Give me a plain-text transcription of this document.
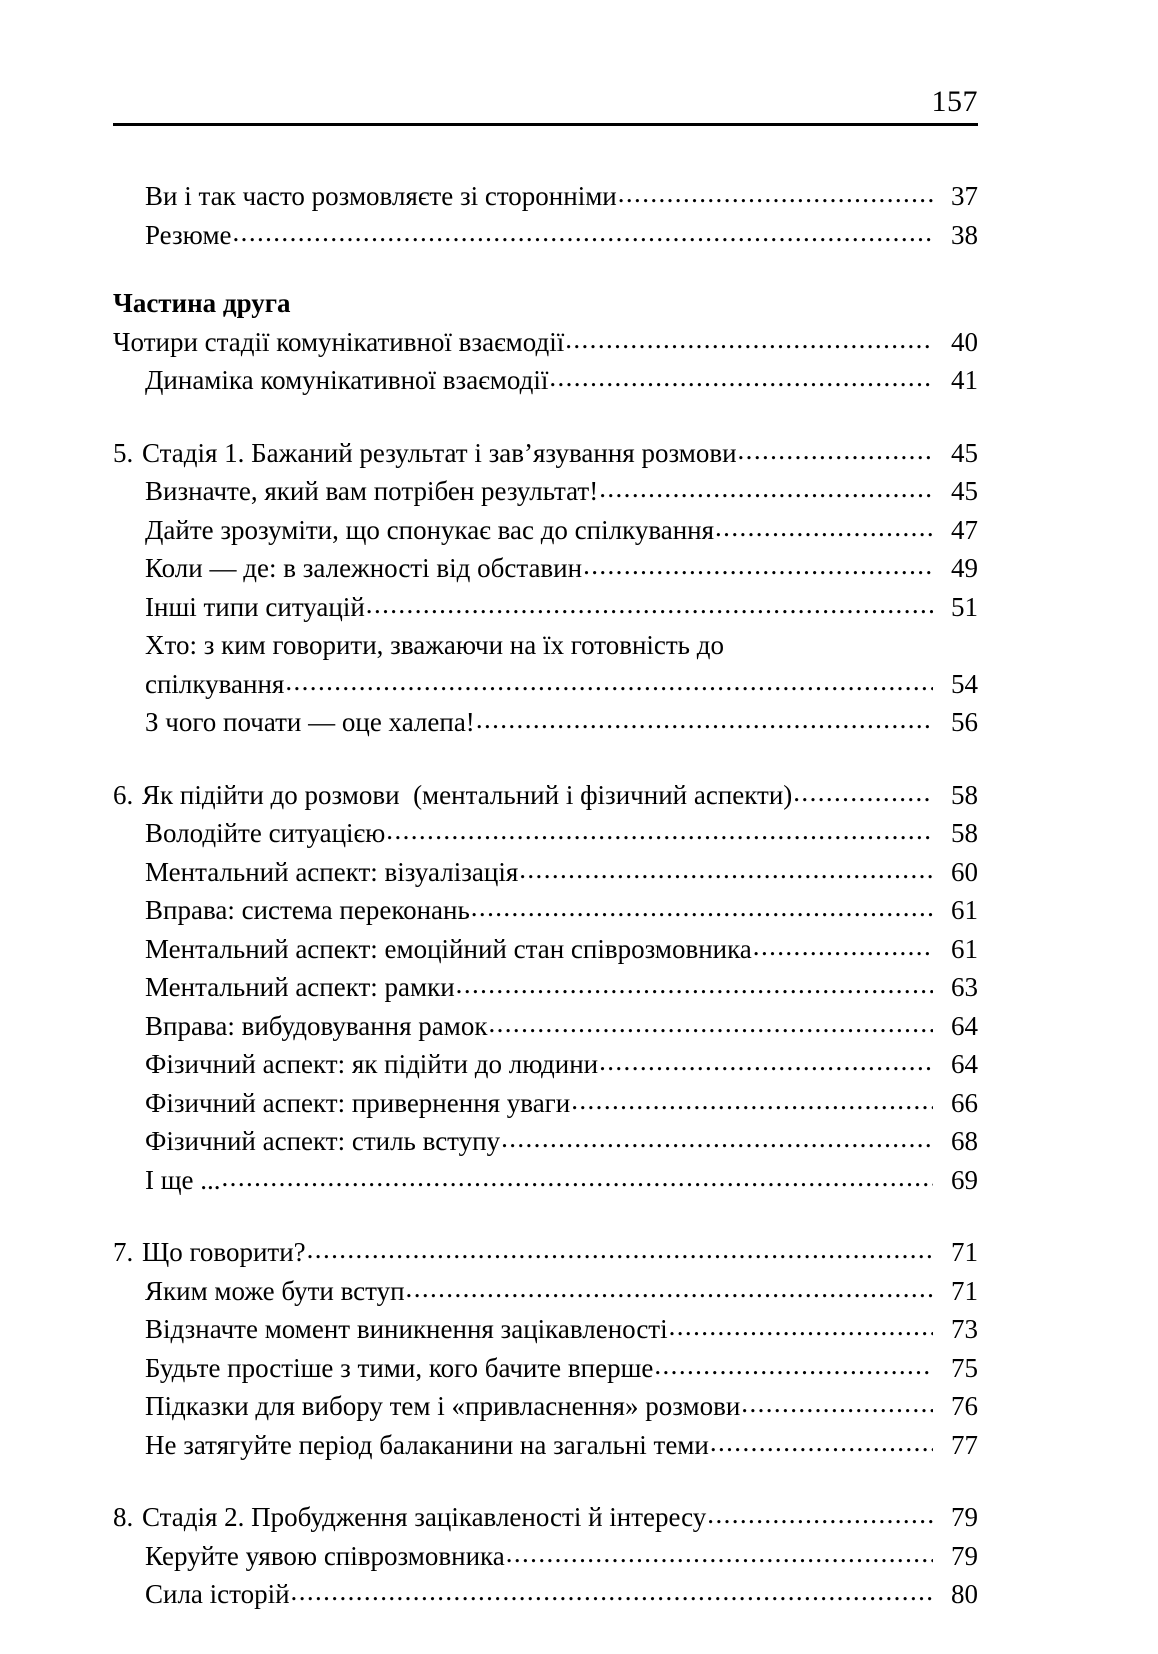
157
Ви і так часто розмовляєте зі сторонніми .....	37
Резюме .....	38
Частина друга
Чотири стадії комунікативної взаємодії .....	40
Динаміка комунікативної взаємодії .....	41
5. Стадія 1. Бажаний результат і зав’язування розмови .....	45
Визначте, який вам потрібен результат! .....	45
Дайте зрозуміти, що спонукає вас до спілкування .....	47
Коли — де: в залежності від обставин .....	49
Інші типи ситуацій .....	51
Хто: з ким говорити, зважаючи на їх готовність до
спілкування .....	54
З чого почати — оце халепа! .....	56
6. Як підійти до розмови  (ментальний і фізичний аспекти) .....	58
Володійте ситуацією .....	58
Ментальний аспект: візуалізація .....	60
Вправа: система переконань .....	61
Ментальний аспект: емоційний стан співрозмовника .....	61
Ментальний аспект: рамки .....	63
Вправа: вибудовування рамок .....	64
Фізичний аспект: як підійти до людини .....	64
Фізичний аспект: привернення уваги .....	66
Фізичний аспект: стиль вступу .....	68
І ще ... .....	69
7. Що говорити? .....	71
Яким може бути вступ .....	71
Відзначте момент виникнення зацікавленості .....	73
Будьте простіше з тими, кого бачите вперше .....	75
Підказки для вибору тем і «привласнення» розмови .....	76
Не затягуйте період балаканини на загальні теми .....	77
8. Стадія 2. Пробудження зацікавленості й інтересу .....	79
Керуйте уявою співрозмовника .....	79
Сила історій .....	80
